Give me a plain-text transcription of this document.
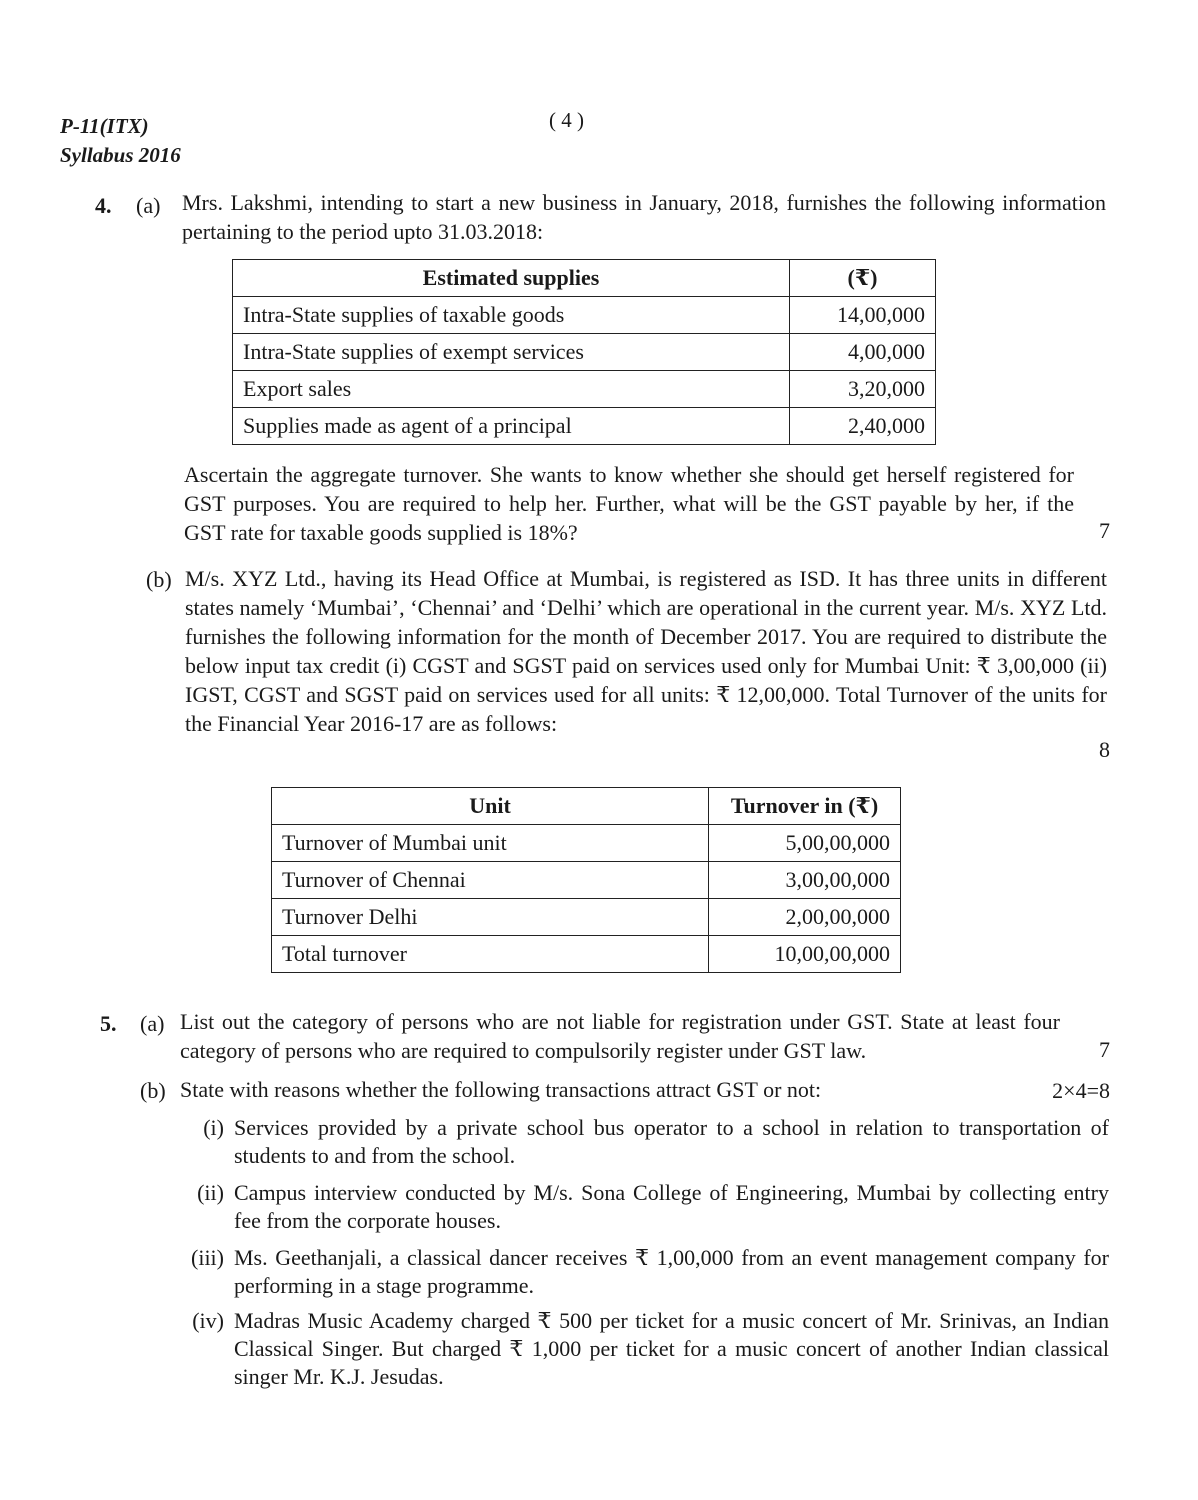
P-11(ITX)
Syllabus 2016
( 4 )
4. (a) Mrs. Lakshmi, intending to start a new business in January, 2018, furnishes the following information pertaining to the period upto 31.03.2018:
Estimated supplies	(₹)
Intra-State supplies of taxable goods	14,00,000
Intra-State supplies of exempt services	4,00,000
Export sales	3,20,000
Supplies made as agent of a principal	2,40,000
Ascertain the aggregate turnover. She wants to know whether she should get herself registered for GST purposes. You are required to help her. Further, what will be the GST payable by her, if the GST rate for taxable goods supplied is 18%?	7
(b) M/s. XYZ Ltd., having its Head Office at Mumbai, is registered as ISD. It has three units in different states namely ‘Mumbai’, ‘Chennai’ and ‘Delhi’ which are operational in the current year. M/s. XYZ Ltd. furnishes the following information for the month of December 2017. You are required to distribute the below input tax credit (i) CGST and SGST paid on services used only for Mumbai Unit: ₹ 3,00,000 (ii) IGST, CGST and SGST paid on services used for all units: ₹ 12,00,000. Total Turnover of the units for the Financial Year 2016-17 are as follows:
8
Unit	Turnover in (₹)
Turnover of Mumbai unit	5,00,00,000
Turnover of Chennai	3,00,00,000
Turnover Delhi	2,00,00,000
Total turnover	10,00,00,000
5. (a) List out the category of persons who are not liable for registration under GST. State at least four category of persons who are required to compulsorily register under GST law.	7
(b) State with reasons whether the following transactions attract GST or not:	2×4=8
(i) Services provided by a private school bus operator to a school in relation to transportation of students to and from the school.
(ii) Campus interview conducted by M/s. Sona College of Engineering, Mumbai by collecting entry fee from the corporate houses.
(iii) Ms. Geethanjali, a classical dancer receives ₹ 1,00,000 from an event management company for performing in a stage programme.
(iv) Madras Music Academy charged ₹ 500 per ticket for a music concert of Mr. Srinivas, an Indian Classical Singer. But charged ₹ 1,000 per ticket for a music concert of another Indian classical singer Mr. K.J. Jesudas.
